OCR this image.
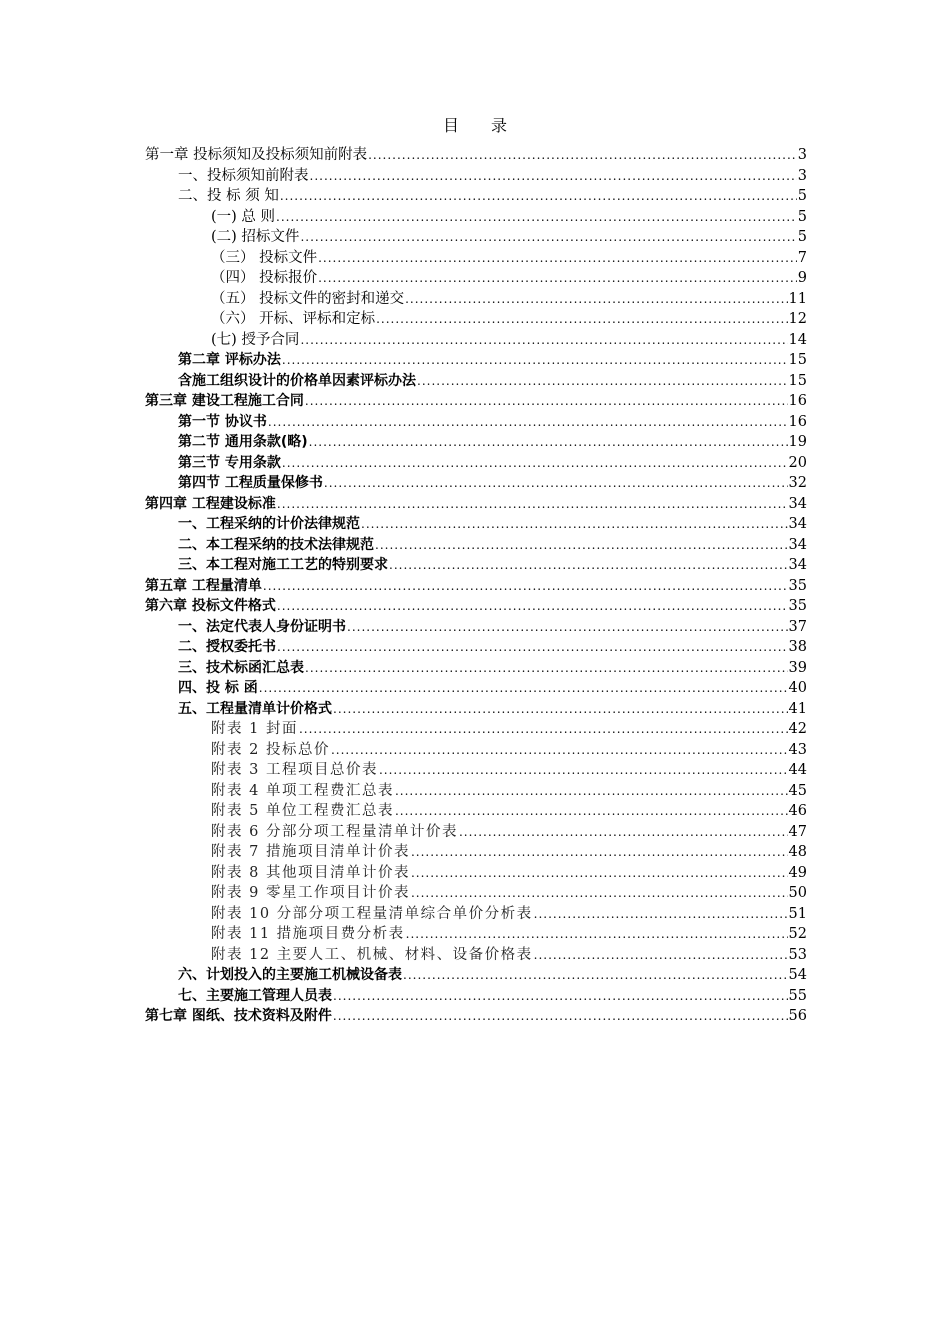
目　　录
第一章 投标须知及投标须知前附表 .....	3
一、投标须知前附表 .....	3
二、投 标 须 知 .....	5
(一) 总 则 .....	5
(二) 招标文件 .....	5
（三） 投标文件 .....	7
（四） 投标报价 .....	9
（五） 投标文件的密封和递交 .....	11
（六） 开标、评标和定标 .....	12
(七) 授予合同 .....	14
第二章 评标办法 .....	15
含施工组织设计的价格单因素评标办法 .....	15
第三章 建设工程施工合同 .....	16
第一节 协议书 .....	16
第二节 通用条款(略) .....	19
第三节 专用条款 .....	20
第四节 工程质量保修书 .....	32
第四章 工程建设标准 .....	34
一、工程采纳的计价法律规范 .....	34
二、本工程采纳的技术法律规范 .....	34
三、本工程对施工工艺的特别要求 .....	34
第五章 工程量清单 .....	35
第六章 投标文件格式 .....	35
一、法定代表人身份证明书 .....	37
二、授权委托书 .....	38
三、技术标函汇总表 .....	39
四、投 标 函 .....	40
五、工程量清单计价格式 .....	41
附表 1 封面 .....	42
附表 2 投标总价 .....	43
附表 3 工程项目总价表 .....	44
附表 4 单项工程费汇总表 .....	45
附表 5 单位工程费汇总表 .....	46
附表 6 分部分项工程量清单计价表 .....	47
附表 7 措施项目清单计价表 .....	48
附表 8 其他项目清单计价表 .....	49
附表 9 零星工作项目计价表 .....	50
附表 10 分部分项工程量清单综合单价分析表 .....	51
附表 11 措施项目费分析表 .....	52
附表 12 主要人工、机械、材料、设备价格表 .....	53
六、计划投入的主要施工机械设备表 .....	54
七、主要施工管理人员表 .....	55
第七章 图纸、技术资料及附件 .....	56
